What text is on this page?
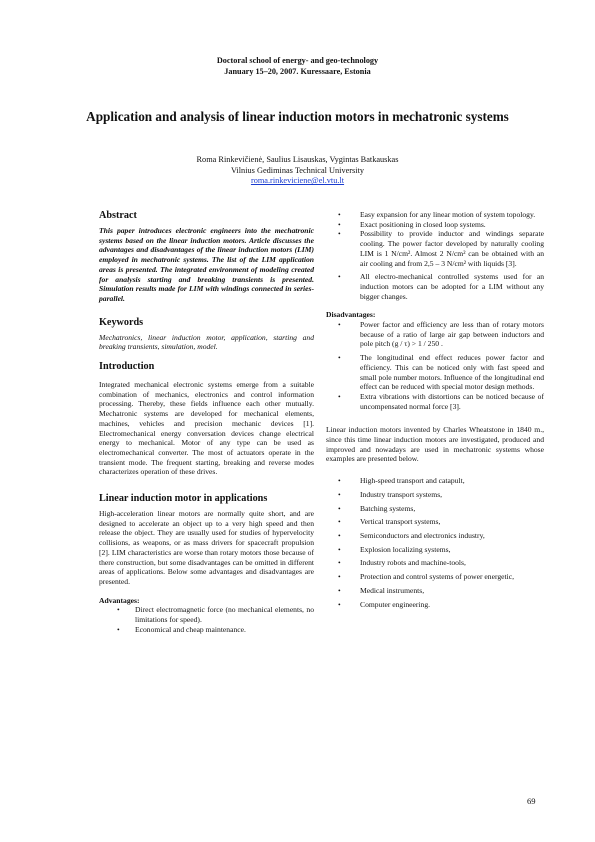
Doctoral school of energy- and geo-technology
January 15–20, 2007. Kuressaare, Estonia
Application and analysis of linear induction motors in mechatronic systems
Roma Rinkevičienė, Saulius Lisauskas, Vygintas Batkauskas
Vilnius Gediminas Technical University
roma.rinkeviciene@el.vtu.lt
Abstract

This paper introduces electronic engineers into the mechatronic systems based on the linear induction motors. Article discusses the advantages and disadvantages of the linear induction motors (LIM) employed in mechatronic systems. The list of the LIM application areas is presented. The integrated environment of modeling created for analysis starting and breaking transients is presented. Simulation results made for LIM with windings connected in series-parallel.

Keywords

Mechatronics, linear induction motor, application, starting and breaking transients, simulation, model.

Introduction

Integrated mechanical electronic systems emerge from a suitable combination of mechanics, electronics and control information processing. Thereby, these fields influence each other mutually. Mechatronic systems are developed for mechanical elements, machines, vehicles and precision mechanic devices [1]. Electromechanical energy conversation devices change electrical energy to mechanical. Motor of any type can be used as electromechanical converter. The most of actuators operate in the transient mode. The frequent starting, breaking and reverse modes characterizes operation of these drives.

Linear induction motor in applications

High-acceleration linear motors are normally quite short, and are designed to accelerate an object up to a very high speed and then release the object. They are usually used for studies of hypervelocity collisions, as weapons, or as mass drivers for spacecraft propulsion [2]. LIM characteristics are worse than rotary motors those because of there construction, but some disadvantages can be omitted in different areas of applications. Below some advantages and disadvantages are presented.

Advantages:

• Direct electromagnetic force (no mechanical elements, no limitations for speed).
• Economical and cheap maintenance.
•	Easy expansion for any linear motion of system topology.
•	Exact positioning in closed loop systems.
•	Possibility to provide inductor and windings separate cooling. The power factor developed by naturally cooling LIM is 1 N/cm². Almost 2 N/cm² can be obtained with an air cooling and from 2,5 – 3 N/cm² with liquids [3].
•	All electro-mechanical controlled systems used for an induction motors can be adopted for a LIM without any bigger changes.

Disadvantages:

•	Power factor and efficiency are less than of rotary motors because of a ratio of large air gap between inductors and pole pitch (g / τ) > 1 / 250 .
•	The longitudinal end effect reduces power factor and efficiency. This can be noticed only with fast speed and small pole number motors. Influence of the longitudinal end effect can be reduced with special motor design methods.
•	Extra vibrations with distortions can be noticed because of uncompensated normal force [3].

Linear induction motors invented by Charles Wheatstone in 1840 m., since this time linear induction motors are investigated, produced and improved and nowadays are used in mechatronic systems whose examples are presented below.

•	High-speed transport and catapult,
•	Industry transport systems,
•	Batching systems,
•	Vertical transport systems,
•	Semiconductors and electronics industry,
•	Explosion localizing systems,
•	Industry robots and machine-tools,
•	Protection and control systems of power energetic,
•	Medical instruments,
•	Computer engineering.
69
